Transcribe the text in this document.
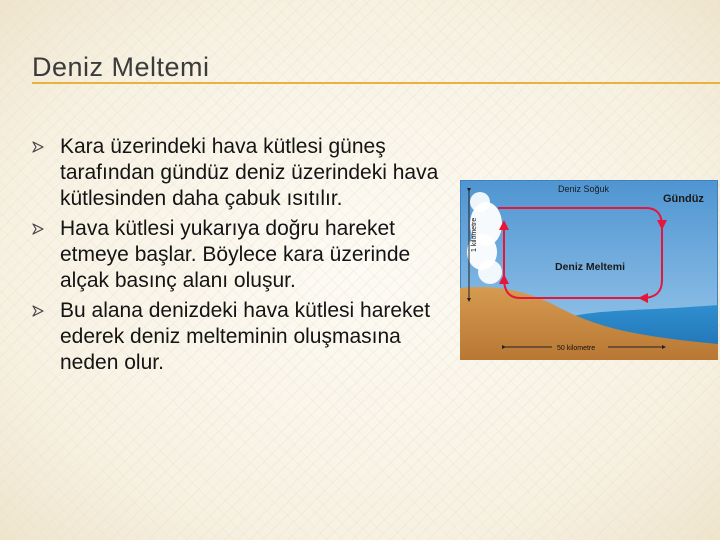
Deniz Meltemi
Kara üzerindeki hava kütlesi güneş tarafından gündüz deniz üzerindeki hava kütlesinden daha çabuk ısıtılır.
Hava kütlesi yukarıya doğru hareket etmeye başlar. Böylece kara üzerinde alçak basınç alanı oluşur.
Bu alana denizdeki hava kütlesi hareket ederek deniz melteminin oluşmasına neden olur.
1 kilometre
Deniz Soğuk
Gündüz
Deniz Meltemi
50 kilometre
